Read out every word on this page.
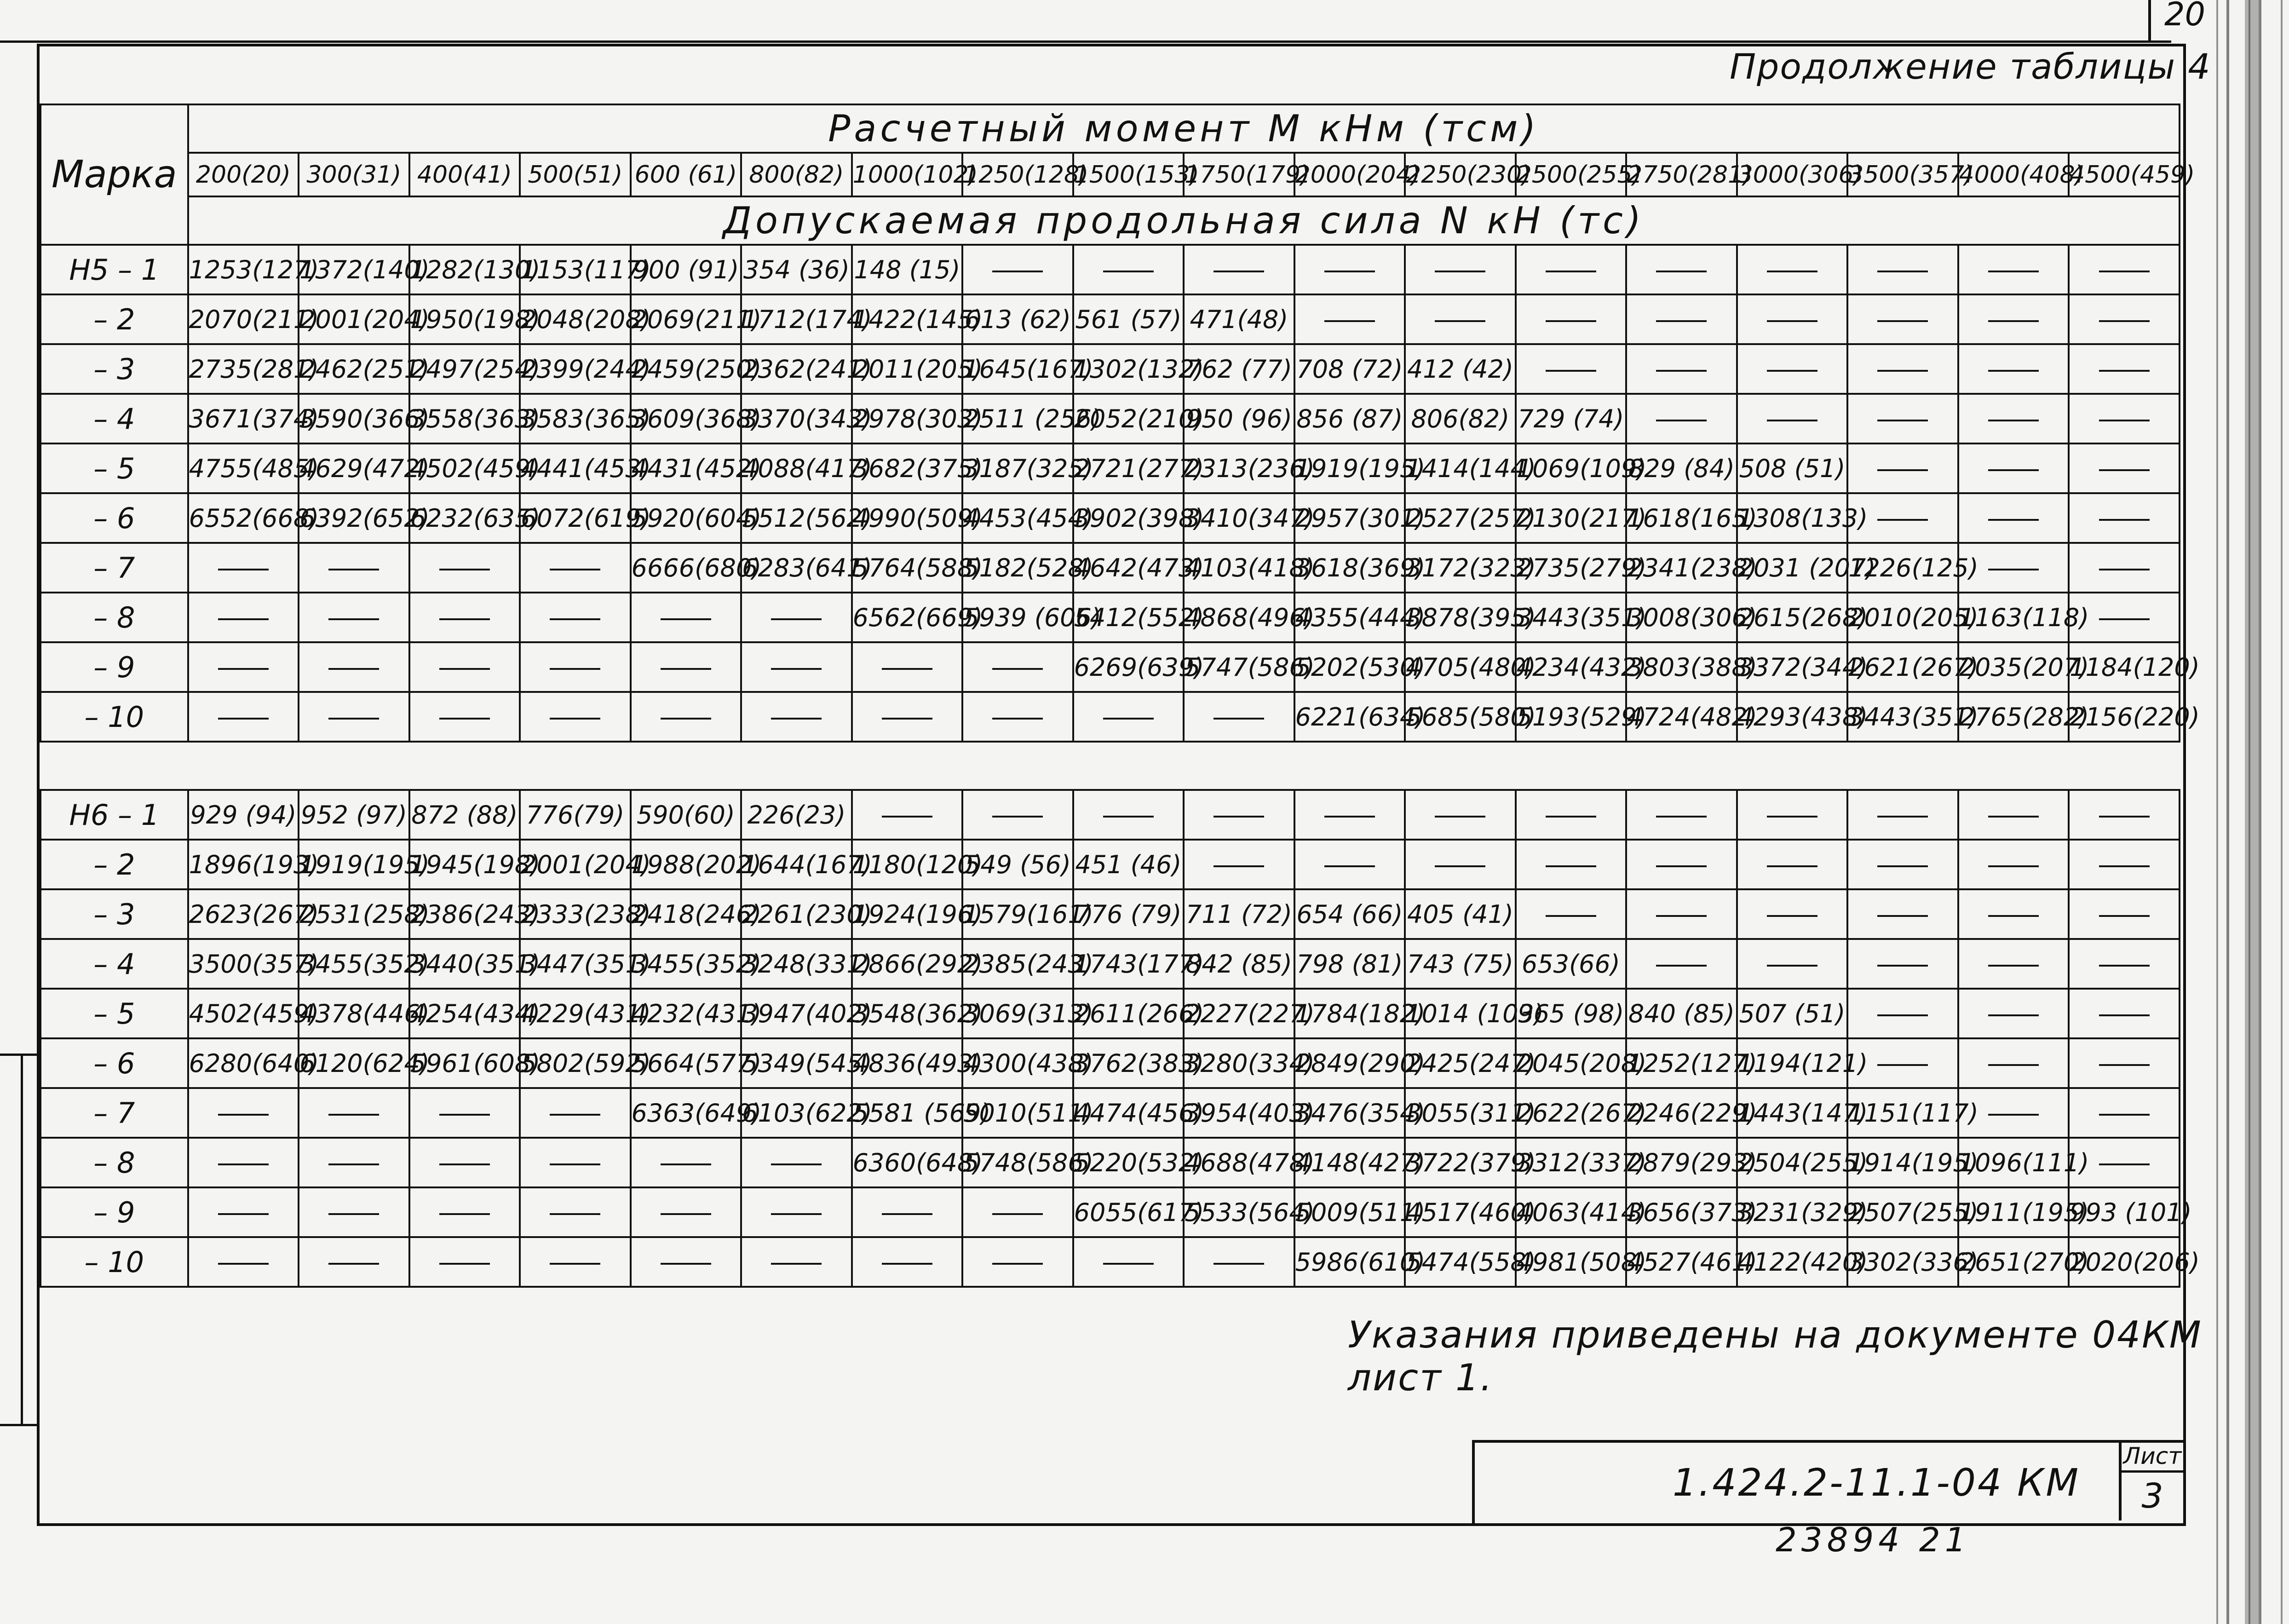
20
Продолжение таблицы 4
Марка	Расчетный момент М кНм (тсм)																	
	200(20)	300(31)	400(41)	500(51)	600 (61)	800(82)	1000(102)	1250(128)	1500(153)	1750(179)	2000(204)	2250(230)	2500(255)	2750(281)	3000(306)	3500(357)	4000(408)	4500(459)
	Допускаемая продольная сила N кН (тс)																	
Н5 – 1	1253(127)	1372(140)	1282(130)	1153(117)	900 (91)	354 (36)	148 (15)											
– 2	2070(211)	2001(204)	1950(198)	2048(208)	2069(211)	1712(174)	1422(145)	613 (62)	561 (57)	471(48)								
– 3	2735(281)	2462(251)	2497(254)	2399(244)	2459(250)	2362(241)	2011(205)	1645(167)	1302(132)	762 (77)	708 (72)	412 (42)						
– 4	3671(374)	3590(366)	3558(363)	3583(365)	3609(368)	3370(343)	2978(303)	2511 (256)	2052(210)	950 (96)	856 (87)	806(82)	729 (74)					
– 5	4755(485)	4629(472)	4502(459)	4441(453)	4431(452)	4088(417)	3682(375)	3187(325)	2721(277)	2313(236)	1919(195)	1414(144)	1069(109)	829 (84)	508 (51)			
– 6	6552(668)	6392(652)	6232(635)	6072(619)	5920(604)	5512(562)	4990(509)	4453(454)	3902(398)	3410(347)	2957(301)	2527(257)	2130(217)	1618(165)	1308(133)			
– 7					6666(680)	6283(641)	5764(588)	5182(528)	4642(473)	4103(418)	3618(369)	3172(323)	2735(279)	2341(238)	2031 (207)	1226(125)		
– 8							6562(669)	5939 (606)	5412(552)	4868(496)	4355(444)	3878(395)	3443(351)	3008(306)	2615(268)	2010(205)	1163(118)	
– 9									6269(639)	5747(586)	5202(530)	4705(480)	4234(432)	3803(388)	3372(344)	2621(267)	2035(207)	1184(120)
– 10											6221(634)	5685(580)	5193(529)	4724(482)	4293(438)	3443(351)	2765(282)	2156(220)

Н6 – 1	929 (94)	952 (97)	872 (88)	776(79)	590(60)	226(23)												
– 2	1896(193)	1919(195)	1945(198)	2001(204)	1988(202)	1644(167)	1180(120)	549 (56)	451 (46)									
– 3	2623(267)	2531(258)	2386(243)	2333(238)	2418(246)	2261(230)	1924(196)	1579(161)	776 (79)	711 (72)	654 (66)	405 (41)						
– 4	3500(357)	3455(352)	3440(351)	3447(351)	3455(352)	3248(331)	2866(292)	2385(243)	1743(177)	842 (85)	798 (81)	743 (75)	653(66)					
– 5	4502(459)	4378(446)	4254(434)	4229(431)	4232(431)	3947(402)	3548(362)	3069(313)	2611(266)	2227(227)	1784(182)	1014 (103)	965 (98)	840 (85)	507 (51)			
– 6	6280(640)	6120(624)	5961(608)	5802(592)	5664(577)	5349(545)	4836(493)	4300(438)	3762(383)	3280(334)	2849(290)	2425(247)	2045(208)	1252(127)	1194(121)			
– 7					6363(649)	6103(622)	5581 (569)	5010(511)	4474(456)	3954(403)	3476(354)	3055(311)	2622(267)	2246(229)	1443(147)	1151(117)		
– 8							6360(648)	5748(586)	5220(532)	4688(478)	4148(427)	3722(379)	3312(337)	2879(293)	2504(255)	1914(195)	1096(111)	
– 9									6055(617)	5533(564)	5009(511)	4517(460)	4063(414)	3656(373)	3231(329)	2507(255)	1911(195)	993 (101)
– 10											5986(610)	5474(558)	4981(508)	4527(461)	4122(420)	3302(336)	2651(270)	2020(206)
Указания приведены на документе 04КМ лист 1.
1.424.2-11.1-04 КМ
Лист
3
23894 21
